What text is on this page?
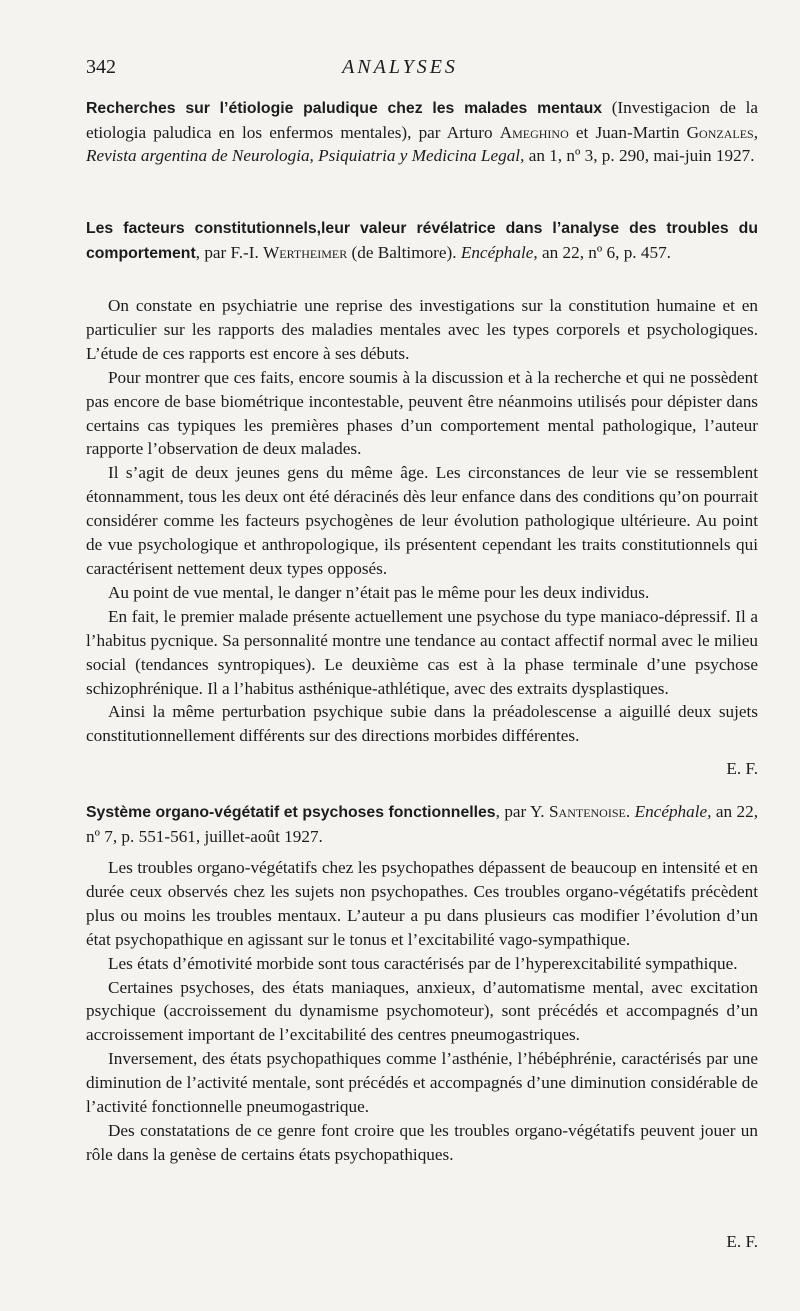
342	ANALYSES
Recherches sur l’étiologie paludique chez les malades mentaux (Investigacion de la etiologia paludica en los enfermos mentales), par Arturo Ameghino et Juan-Martin Gonzales, Revista argentina de Neurologia, Psiquiatria y Medicina Legal, an 1, nº 3, p. 290, mai-juin 1927.
Les facteurs constitutionnels,leur valeur révélatrice dans l’analyse des troubles du comportement, par F.-I. Wertheimer (de Baltimore). Encéphale, an 22, nº 6, p. 457.

On constate en psychiatrie une reprise des investigations sur la constitution humaine et en particulier sur les rapports des maladies mentales avec les types corporels et psychologiques. L’étude de ces rapports est encore à ses débuts.

Pour montrer que ces faits, encore soumis à la discussion et à la recherche et qui ne possèdent pas encore de base biométrique incontestable, peuvent être néanmoins utilisés pour dépister dans certains cas typiques les premières phases d’un comportement mental pathologique, l’auteur rapporte l’observation de deux malades.

Il s’agit de deux jeunes gens du même âge. Les circonstances de leur vie se ressemblent étonnamment, tous les deux ont été déracinés dès leur enfance dans des conditions qu’on pourrait considérer comme les facteurs psychogènes de leur évolution pathologique ultérieure. Au point de vue psychologique et anthropologique, ils présentent cependant les traits constitutionnels qui caractérisent nettement deux types opposés.

Au point de vue mental, le danger n’était pas le même pour les deux individus.

En fait, le premier malade présente actuellement une psychose du type maniaco-dépressif. Il a l’habitus pycnique. Sa personnalité montre une tendance au contact affectif normal avec le milieu social (tendances syntropiques). Le deuxième cas est à la phase terminale d’une psychose schizophrénique. Il a l’habitus asthénique-athlétique, avec des extraits dysplastiques.

Ainsi la même perturbation psychique subie dans la préadolescense a aiguillé deux sujets constitutionnellement différents sur des directions morbides différentes.

E. F.
Système organo-végétatif et psychoses fonctionnelles, par Y. Santenoise. Encéphale, an 22, nº 7, p. 551-561, juillet-août 1927.

Les troubles organo-végétatifs chez les psychopathes dépassent de beaucoup en intensité et en durée ceux observés chez les sujets non psychopathes. Ces troubles organo-végétatifs précèdent plus ou moins les troubles mentaux. L’auteur a pu dans plusieurs cas modifier l’évolution d’un état psychopathique en agissant sur le tonus et l’excitabilité vago-sympathique.

Les états d’émotivité morbide sont tous caractérisés par de l’hyperexcitabilité sympathique.

Certaines psychoses, des états maniaques, anxieux, d’automatisme mental, avec excitation psychique (accroissement du dynamisme psychomoteur), sont précédés et accompagnés d’un accroissement important de l’excitabilité des centres pneumogastriques.

Inversement, des états psychopathiques comme l’asthénie, l’hébéphrénie, caractérisés par une diminution de l’activité mentale, sont précédés et accompagnés d’une diminution considérable de l’activité fonctionnelle pneumogastrique.

Des constatations de ce genre font croire que les troubles organo-végétatifs peuvent jouer un rôle dans la genèse de certains états psychopathiques.

E. F.
